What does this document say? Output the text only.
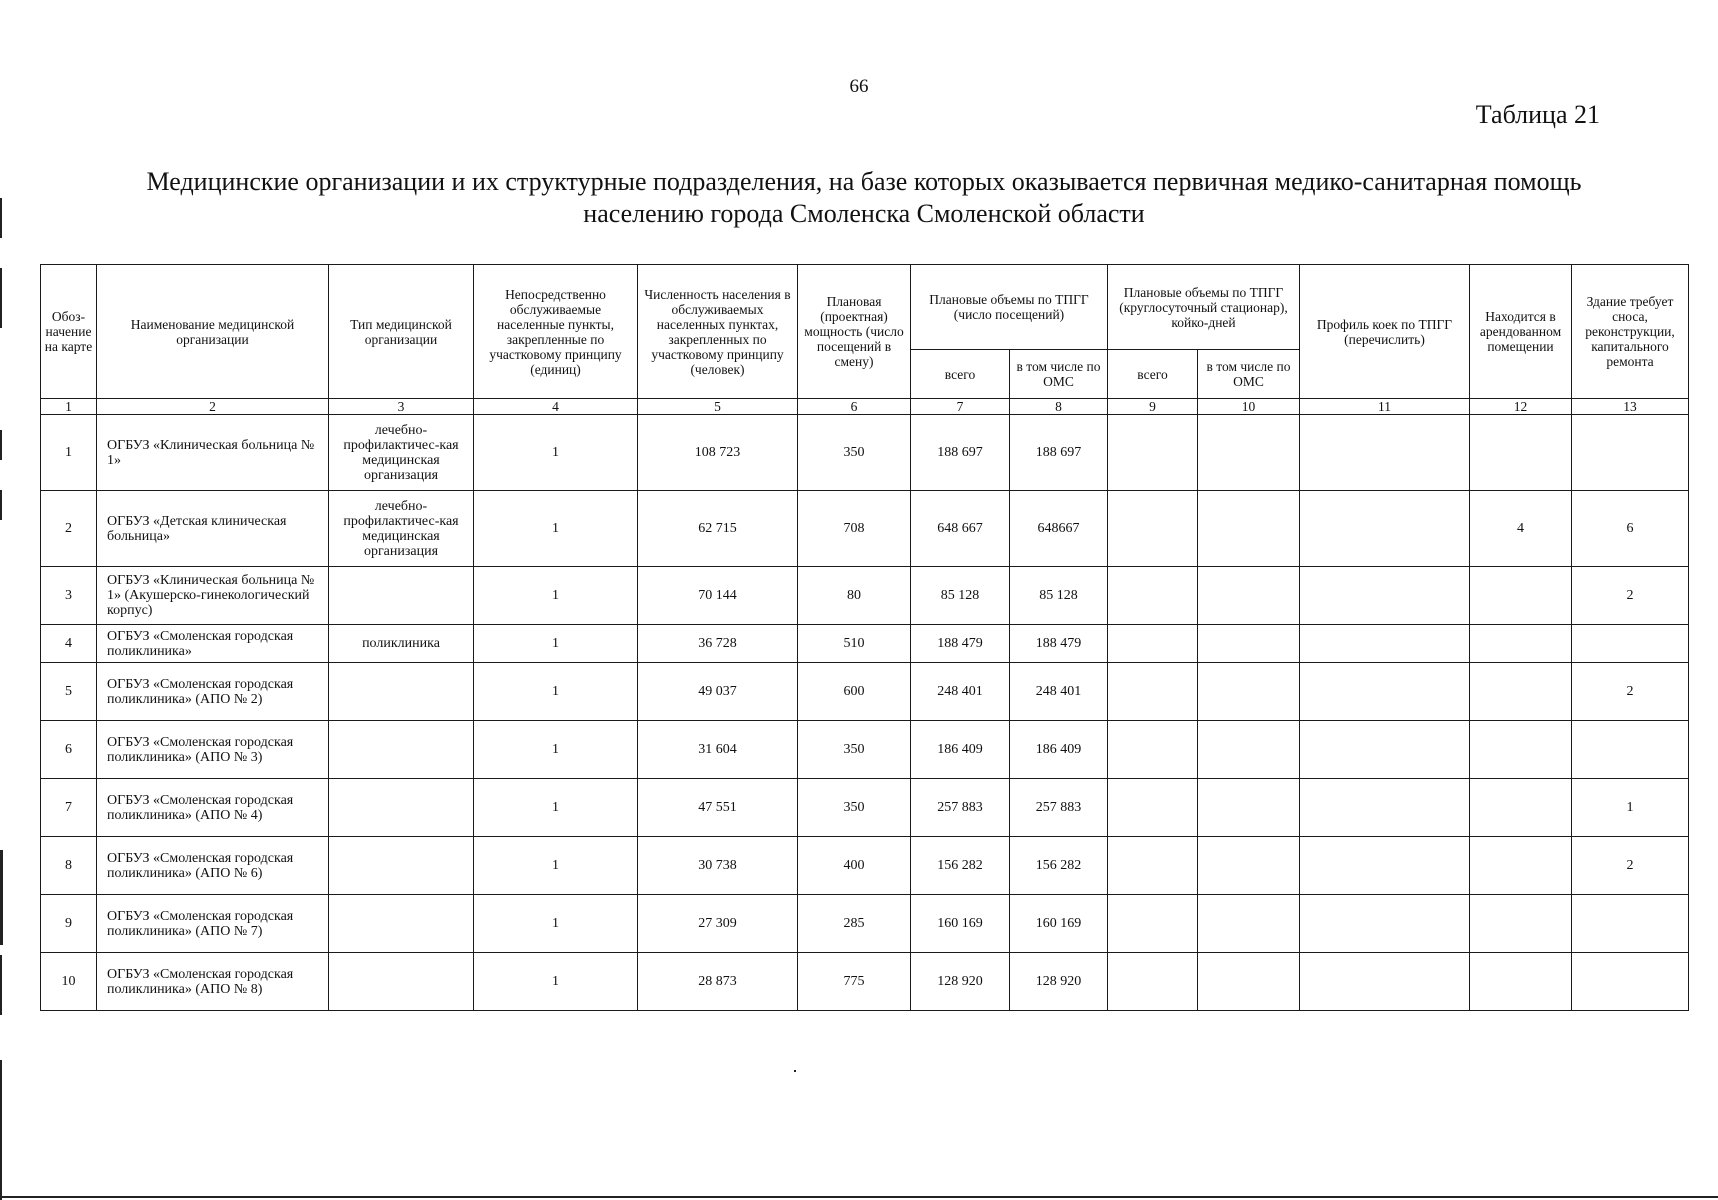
66
Таблица 21
Медицинские организации и их структурные подразделения, на базе которых оказывается первичная медико-санитарная помощь
населению города Смоленска Смоленской области
Обоз-
начение
на карте	Наименование медицинской организации	Тип медицинской организации	Непосредственно обслуживаемые населенные пункты, закрепленные по участковому принципу (единиц)	Численность населения в обслуживаемых населенных пунктах, закрепленных по участковому принципу (человек)	Плановая (проектная) мощность (число посещений в смену)	Плановые объемы по ТПГГ (число посещений)		Плановые объемы по ТПГГ (круглосуточный стационар), койко-дней		Профиль коек по ТПГГ (перечислить)	Находится в арендованном помещении	Здание требует сноса, реконструкции, капитального ремонта
						всего	в том числе по ОМС	всего	в том числе по ОМС			
1	2	3	4	5	6	7	8	9	10	11	12	13
1	ОГБУЗ «Клиническая больница № 1»	лечебно-профилактичес-кая медицинская организация	1	108 723	350	188 697	188 697					
2	ОГБУЗ «Детская клиническая больница»	лечебно-профилактичес-кая медицинская организация	1	62 715	708	648 667	648667				4	6
3	ОГБУЗ «Клиническая больница № 1» (Акушерско-гинекологический корпус)		1	70 144	80	85 128	85 128					2
4	ОГБУЗ «Смоленская городская поликлиника»	поликлиника	1	36 728	510	188 479	188 479					
5	ОГБУЗ «Смоленская городская поликлиника» (АПО № 2)		1	49 037	600	248 401	248 401					2
6	ОГБУЗ «Смоленская городская поликлиника» (АПО № 3)		1	31 604	350	186 409	186 409					
7	ОГБУЗ «Смоленская городская поликлиника» (АПО № 4)		1	47 551	350	257 883	257 883					1
8	ОГБУЗ «Смоленская городская поликлиника» (АПО № 6)		1	30 738	400	156 282	156 282					2
9	ОГБУЗ «Смоленская городская поликлиника» (АПО № 7)		1	27 309	285	160 169	160 169					
10	ОГБУЗ «Смоленская городская поликлиника» (АПО № 8)		1	28 873	775	128 920	128 920					
